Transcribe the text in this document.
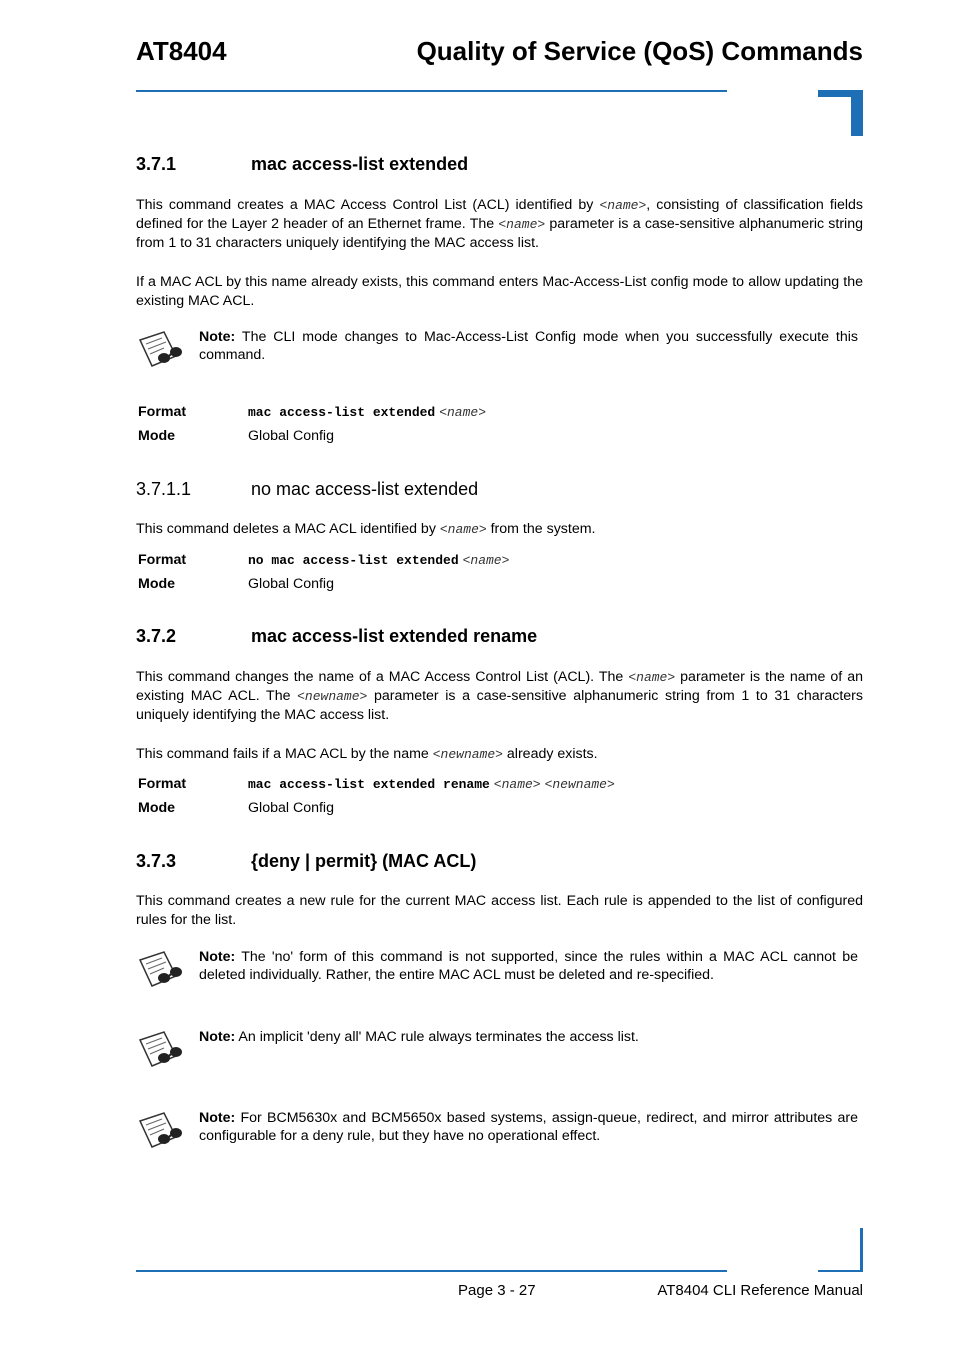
AT8404	Quality of Service (QoS) Commands
3.7.1	mac access-list extended

This command creates a MAC Access Control List (ACL) identified by <name>, consisting of classification fields defined for the Layer 2 header of an Ethernet frame. The <name> parameter is a case-sensitive alphanumeric string from 1 to 31 characters uniquely identifying the MAC access list.

If a MAC ACL by this name already exists, this command enters Mac-Access-List config mode to allow updating the existing MAC ACL.

Note: The CLI mode changes to Mac-Access-List Config mode when you successfully execute this command.
Format	mac access-list extended <name>
Mode	Global Config
3.7.1.1	no mac access-list extended

This command deletes a MAC ACL identified by <name> from the system.

Format	no mac access-list extended <name>
Mode	Global Config
3.7.2	mac access-list extended rename

This command changes the name of a MAC Access Control List (ACL). The <name> parameter is the name of an existing MAC ACL. The <newname> parameter is a case-sensitive alphanumeric string from 1 to 31 characters uniquely identifying the MAC access list.

This command fails if a MAC ACL by the name <newname> already exists.

Format	mac access-list extended rename <name> <newname>
Mode	Global Config
3.7.3	{deny | permit} (MAC ACL)

This command creates a new rule for the current MAC access list. Each rule is appended to the list of configured rules for the list.

Note: The 'no' form of this command is not supported, since the rules within a MAC ACL cannot be deleted individually. Rather, the entire MAC ACL must be deleted and re-specified.
Note: An implicit 'deny all' MAC rule always terminates the access list.
Note: For BCM5630x and BCM5650x based systems, assign-queue, redirect, and mirror attributes are configurable for a deny rule, but they have no operational effect.
Page 3 - 27	AT8404 CLI Reference Manual
